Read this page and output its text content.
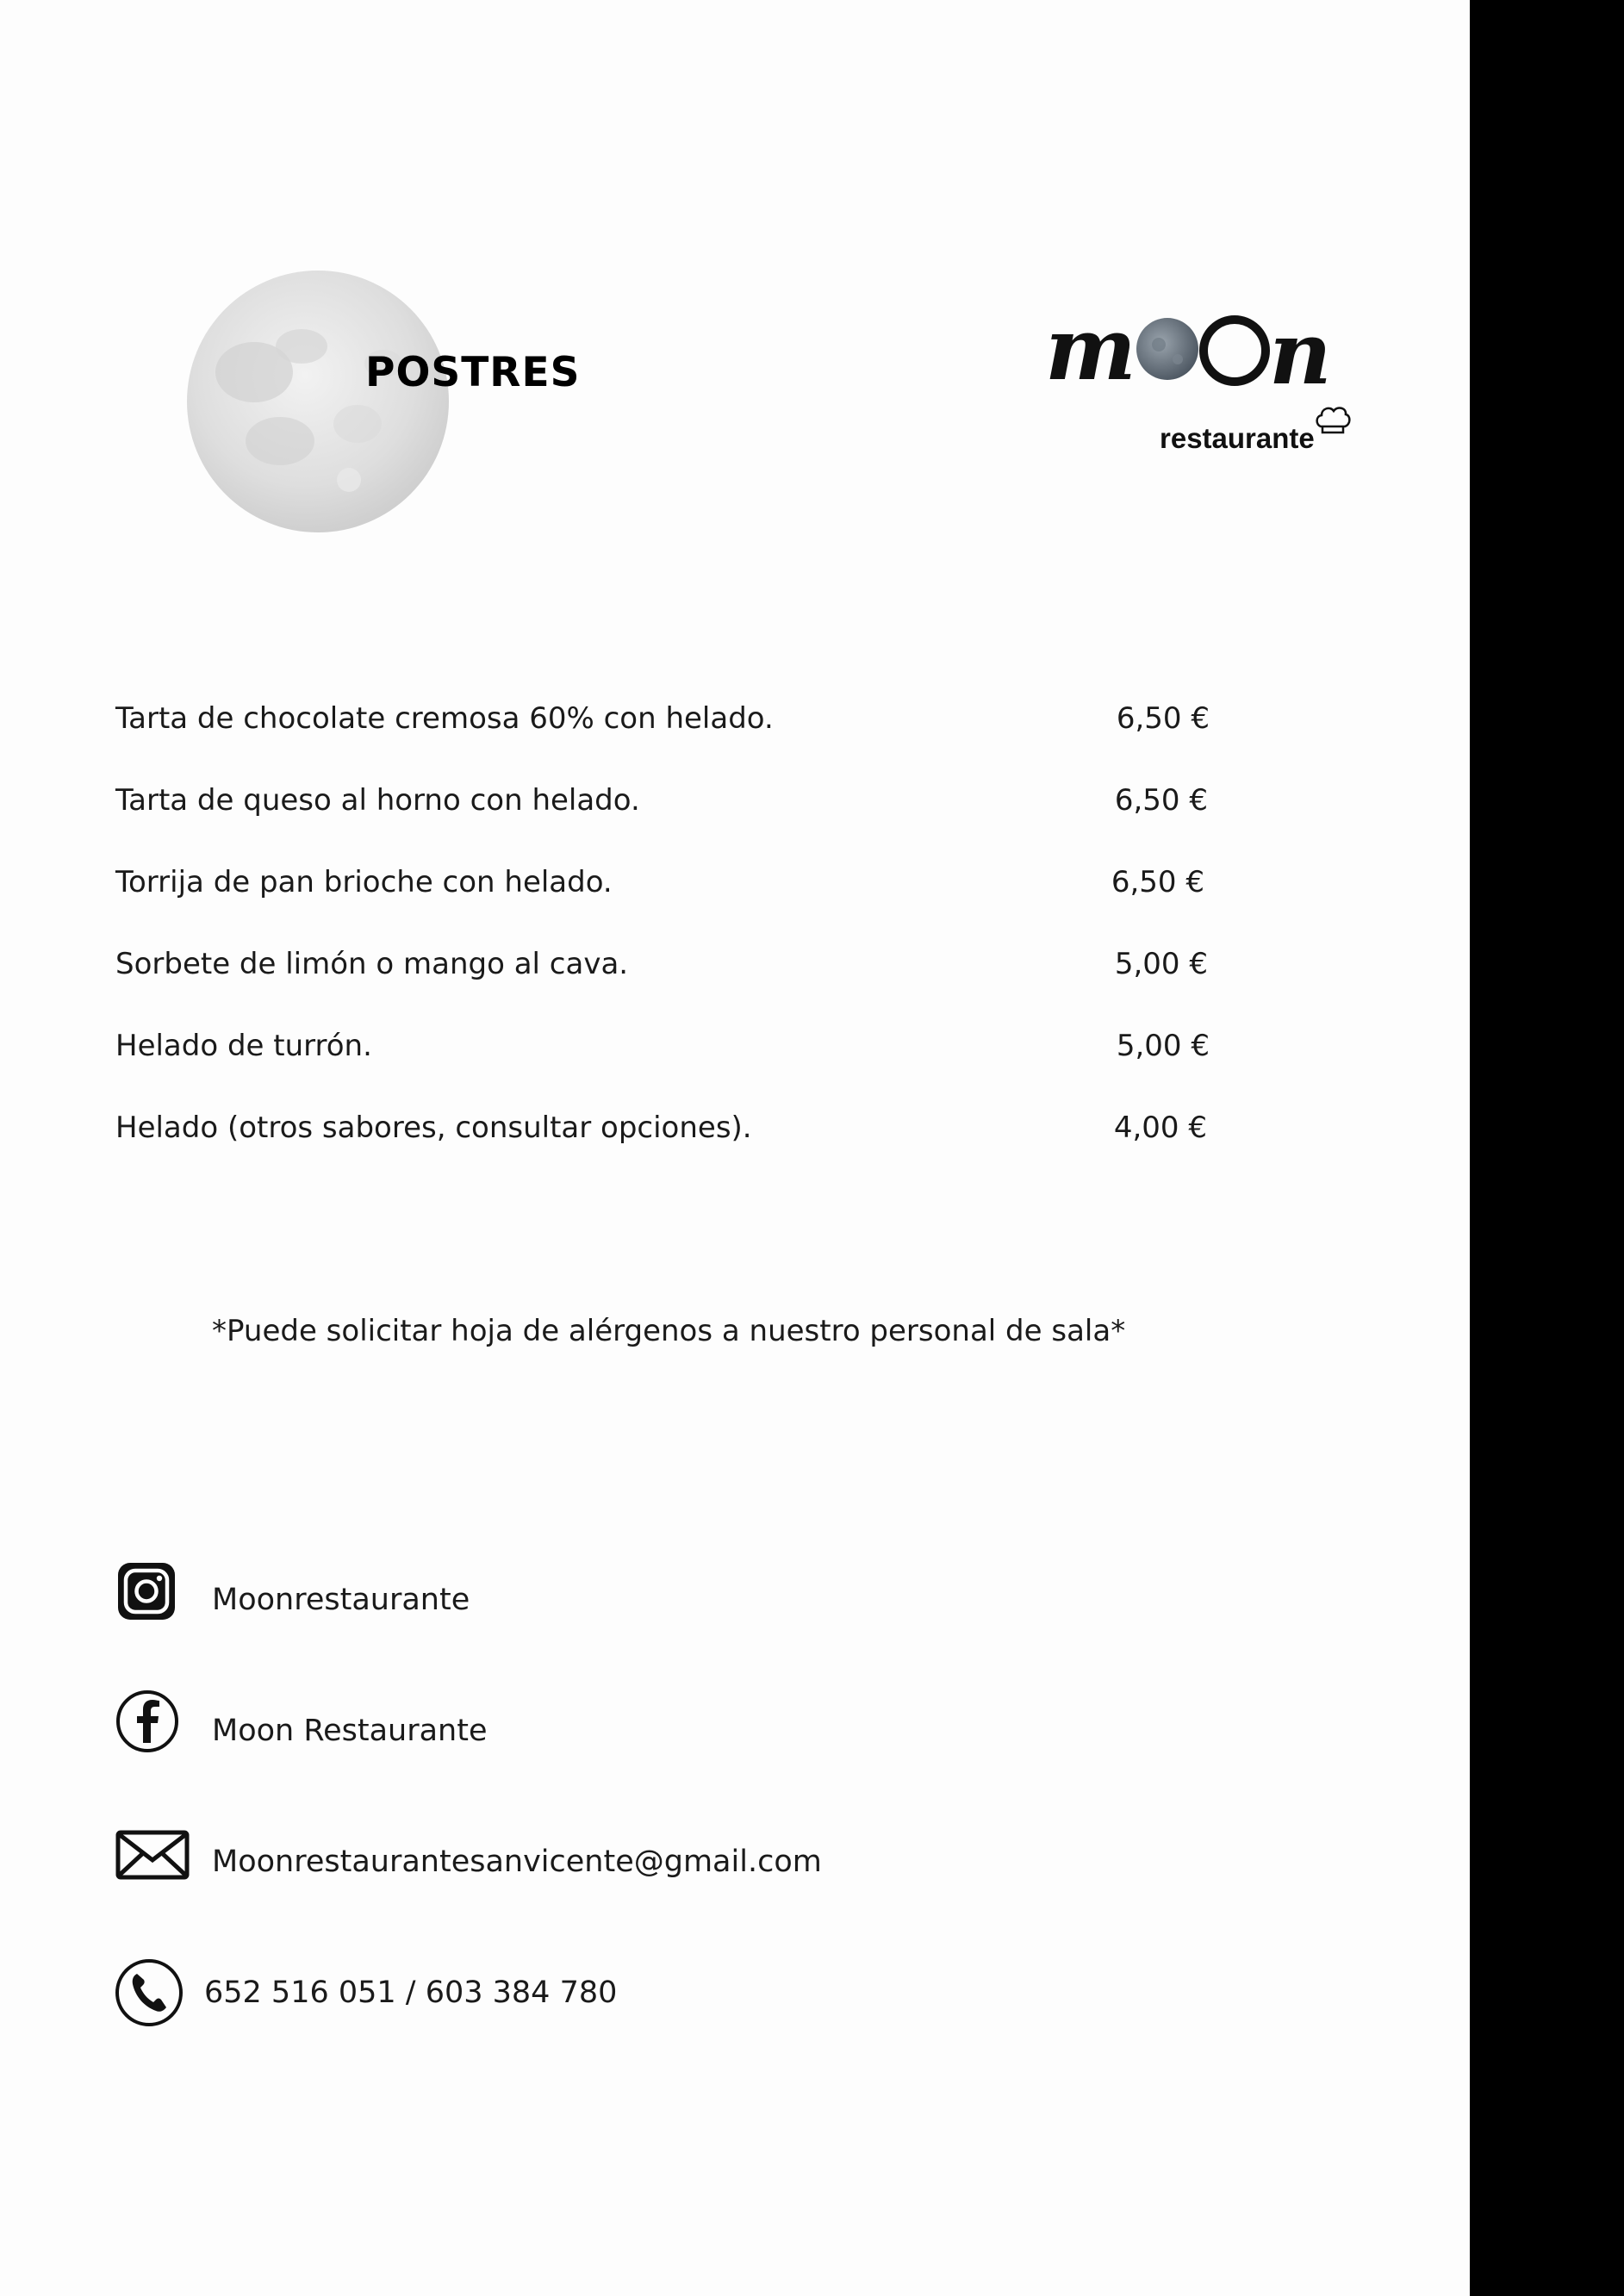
POSTRES	m n
restaurante
Tarta de chocolate cremosa 60% con helado.	6,50 €
Tarta de queso al horno con helado.	6,50 €
Torrija de pan brioche con helado.	6,50 €
Sorbete de limón o mango al cava.	5,00 €
Helado de turrón.	5,00 €
Helado (otros sabores, consultar opciones).	4,00 €
*Puede solicitar hoja de alérgenos a nuestro personal de sala*
Moonrestaurante
Moon Restaurante
Moonrestaurantesanvicente@gmail.com
652 516 051 / 603 384 780
